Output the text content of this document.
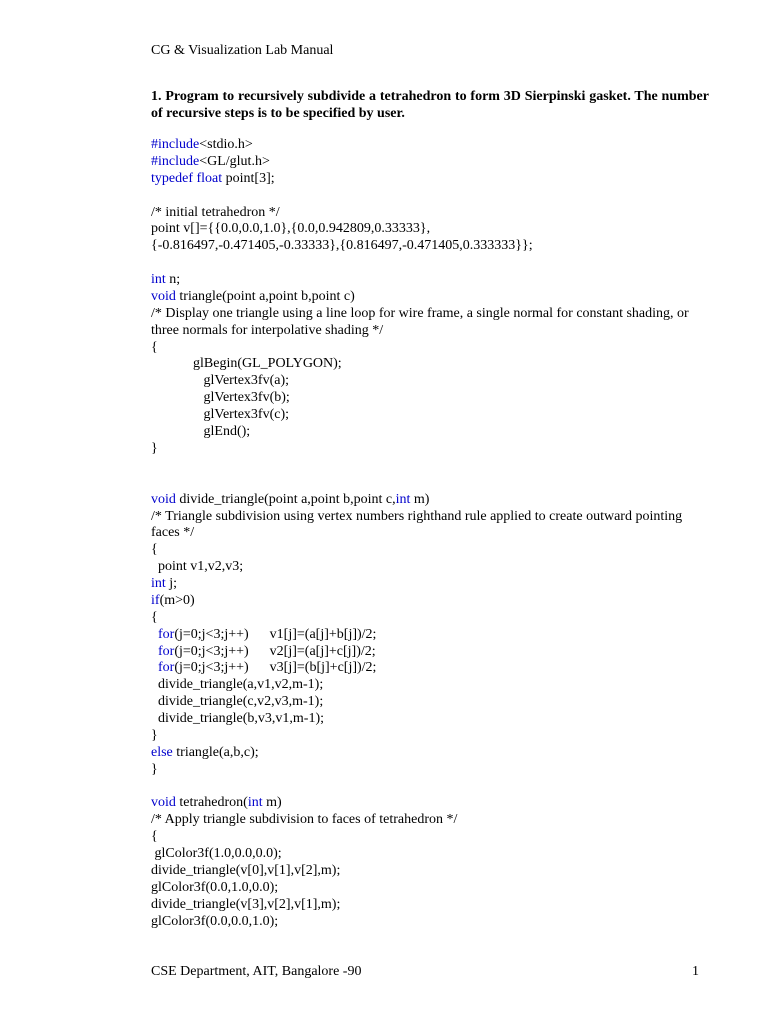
CG & Visualization Lab Manual
1. Program to recursively subdivide a tetrahedron to form 3D Sierpinski gasket. The number of recursive steps is to be specified by user.
#include<stdio.h>
#include<GL/glut.h>
typedef float point[3];
/* initial tetrahedron */
point v[]={{0.0,0.0,1.0},{0.0,0.942809,0.33333},
{-0.816497,-0.471405,-0.33333},{0.816497,-0.471405,0.333333}};
int n;
void triangle(point a,point b,point c)
/* Display one triangle using a line loop for wire frame, a single normal for constant shading, or three normals for interpolative shading */
{
glBegin(GL_POLYGON);
glVertex3fv(a);
glVertex3fv(b);
glVertex3fv(c);
glEnd();
}
void divide_triangle(point a,point b,point c,int m)
/* Triangle subdivision using vertex numbers righthand rule applied to create outward pointing faces */
{
point v1,v2,v3;
int j;
if(m>0)
{
for(j=0;j<3;j++)      v1[j]=(a[j]+b[j])/2;
for(j=0;j<3;j++)      v2[j]=(a[j]+c[j])/2;
for(j=0;j<3;j++)      v3[j]=(b[j]+c[j])/2;
divide_triangle(a,v1,v2,m-1);
divide_triangle(c,v2,v3,m-1);
divide_triangle(b,v3,v1,m-1);
}
else triangle(a,b,c);
}
void tetrahedron(int m)
/* Apply triangle subdivision to faces of tetrahedron */
{
glColor3f(1.0,0.0,0.0);
divide_triangle(v[0],v[1],v[2],m);
glColor3f(0.0,1.0,0.0);
divide_triangle(v[3],v[2],v[1],m);
glColor3f(0.0,0.0,1.0);
CSE Department, AIT, Bangalore -90	1
